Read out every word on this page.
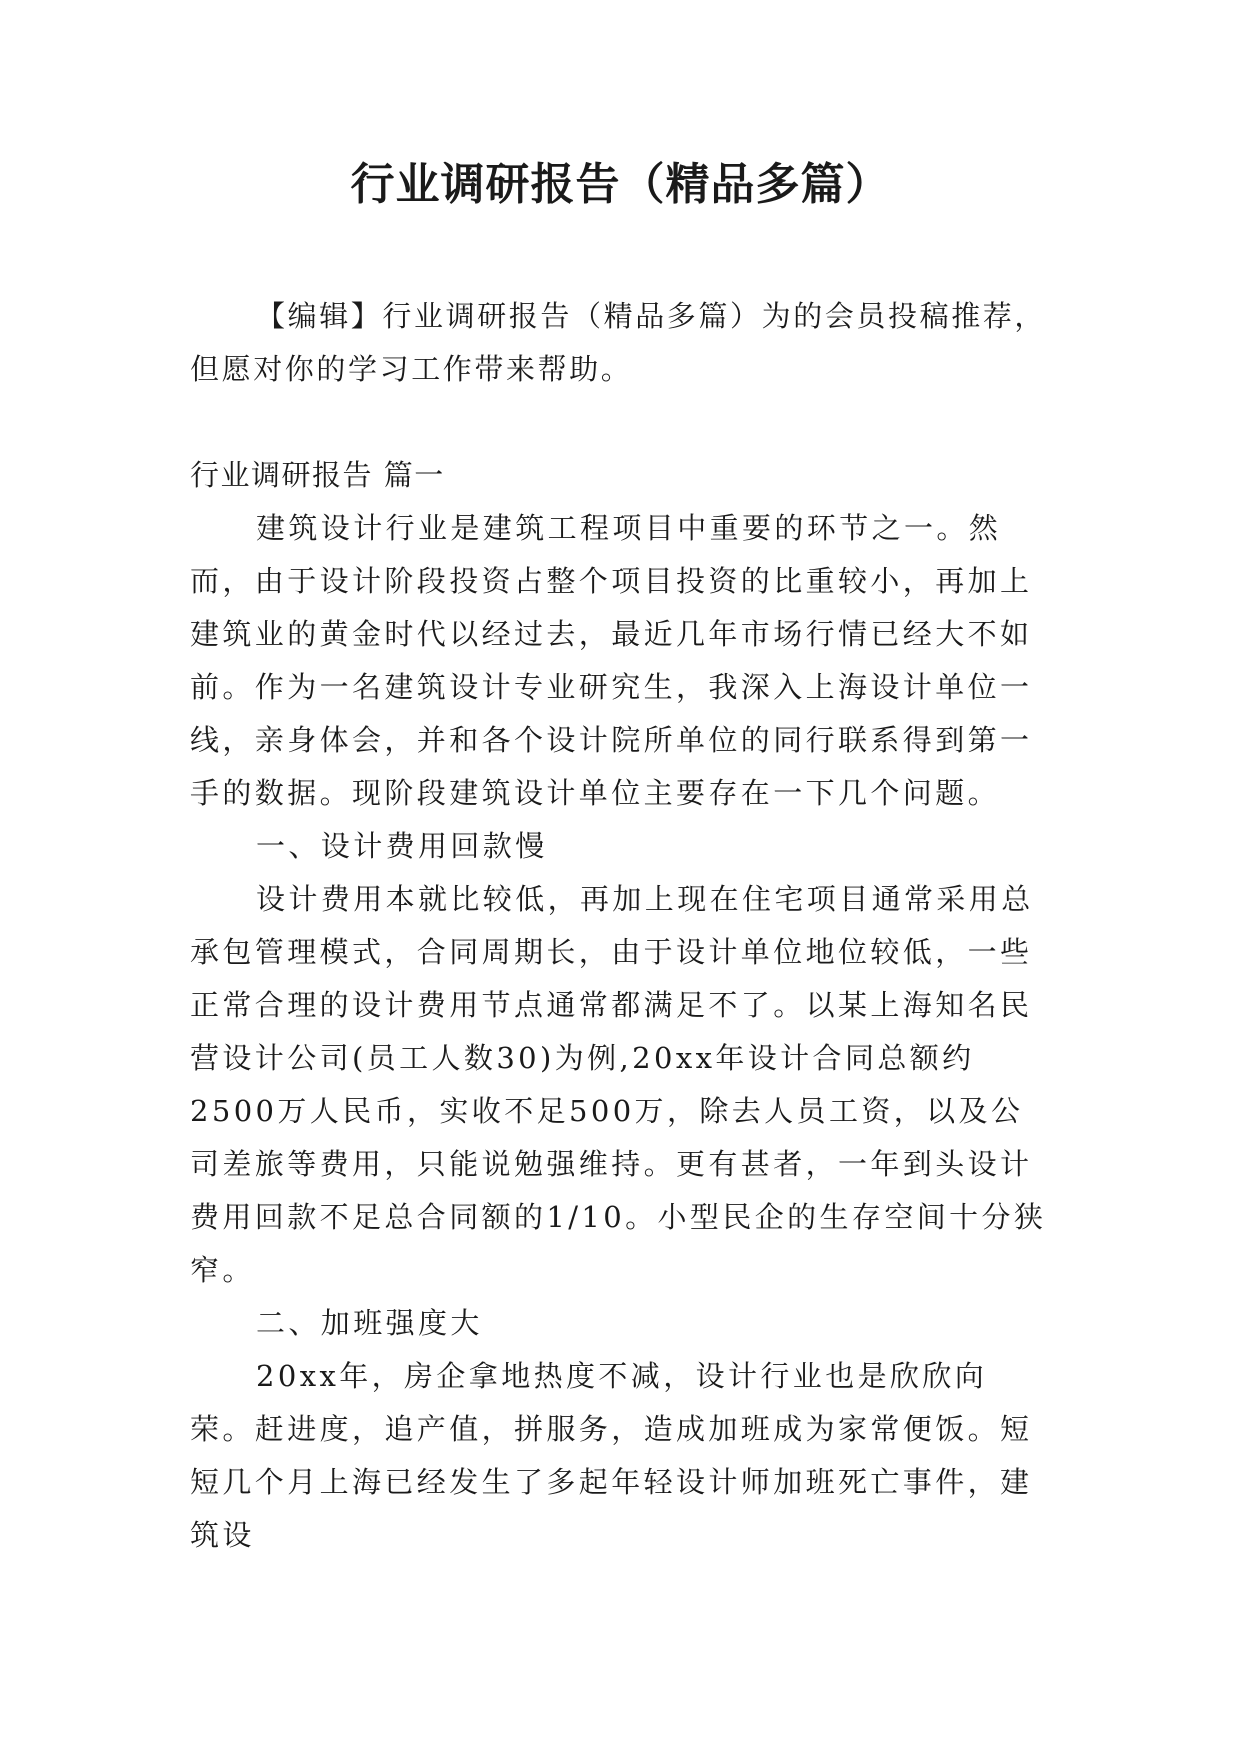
行业调研报告（精品多篇）

【编辑】行业调研报告（精品多篇）为的会员投稿推荐，但愿对你的学习工作带来帮助。

行业调研报告 篇一

建筑设计行业是建筑工程项目中重要的环节之一。然而，由于设计阶段投资占整个项目投资的比重较小，再加上建筑业的黄金时代以经过去，最近几年市场行情已经大不如前。作为一名建筑设计专业研究生，我深入上海设计单位一线，亲身体会，并和各个设计院所单位的同行联系得到第一手的数据。现阶段建筑设计单位主要存在一下几个问题。

一、设计费用回款慢

设计费用本就比较低，再加上现在住宅项目通常采用总承包管理模式，合同周期长，由于设计单位地位较低，一些正常合理的设计费用节点通常都满足不了。以某上海知名民营设计公司(员工人数30)为例,20xx年设计合同总额约2500万人民币，实收不足500万，除去人员工资，以及公司差旅等费用，只能说勉强维持。更有甚者，一年到头设计费用回款不足总合同额的1/10。小型民企的生存空间十分狭窄。

二、加班强度大

20xx年，房企拿地热度不减，设计行业也是欣欣向荣。赶进度，追产值，拼服务，造成加班成为家常便饭。短短几个月上海已经发生了多起年轻设计师加班死亡事件，建筑设
